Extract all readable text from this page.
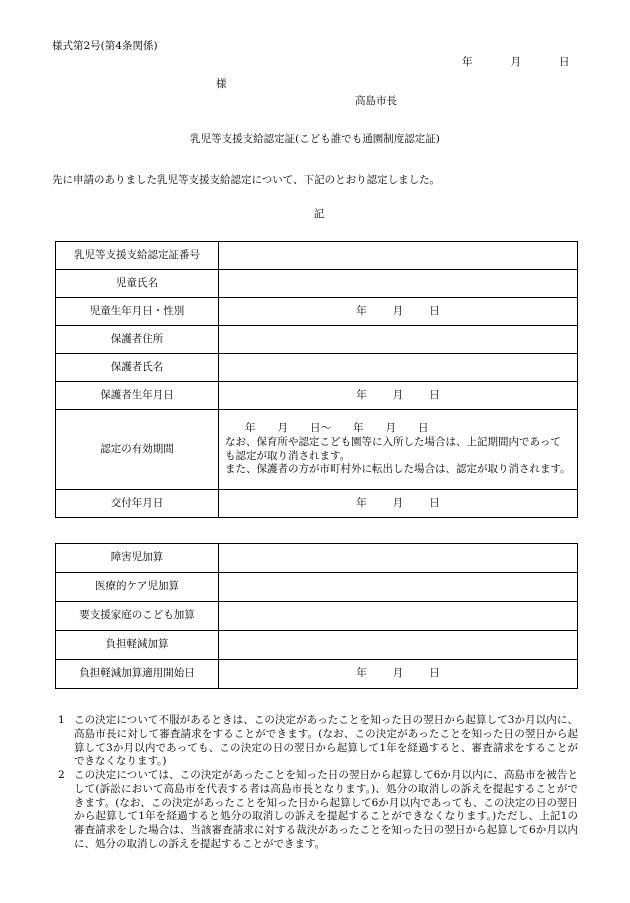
様式第2号(第4条関係)
年	月	日
様
高島市長
乳児等支援支給認定証(こども誰でも通園制度認定証)
先に申請のありました乳児等支援支給認定について、下記のとおり認定しました。
記
乳児等支援支給認定証番号	
児童氏名	
児童生年月日・性別	年 月 日
保護者住所	
保護者氏名	
保護者生年月日	年 月 日
認定の有効期間	年 月 日〜 年 月 日
なお、保育所や認定こども園等に入所した場合は、上記期間内であっても認定が取り消されます。
また、保護者の方が市町村外に転出した場合は、認定が取り消されます。

交付年月日	年 月 日
障害児加算	
医療的ケア児加算	
要支援家庭のこども加算	
負担軽減加算	
負担軽減加算適用開始日	年 月 日
1 この決定について不服があるときは、この決定があったことを知った日の翌日から起算して3か月以内に、高島市長に対して審査請求をすることができます。(なお、この決定があったことを知った日の翌日から起算して3か月以内であっても、この決定の日の翌日から起算して1年を経過すると、審査請求をすることができなくなります。)
2 この決定については、この決定があったことを知った日の翌日から起算して6か月以内に、高島市を被告として(訴訟において高島市を代表する者は高島市長となります。)、処分の取消しの訴えを提起することができます。(なお、この決定があったことを知った日から起算して6か月以内であっても、この決定の日の翌日から起算して1年を経過すると処分の取消しの訴えを提起することができなくなります。)ただし、上記1の審査請求をした場合は、当該審査請求に対する裁決があったことを知った日の翌日から起算して6か月以内に、処分の取消しの訴えを提起することができます。
